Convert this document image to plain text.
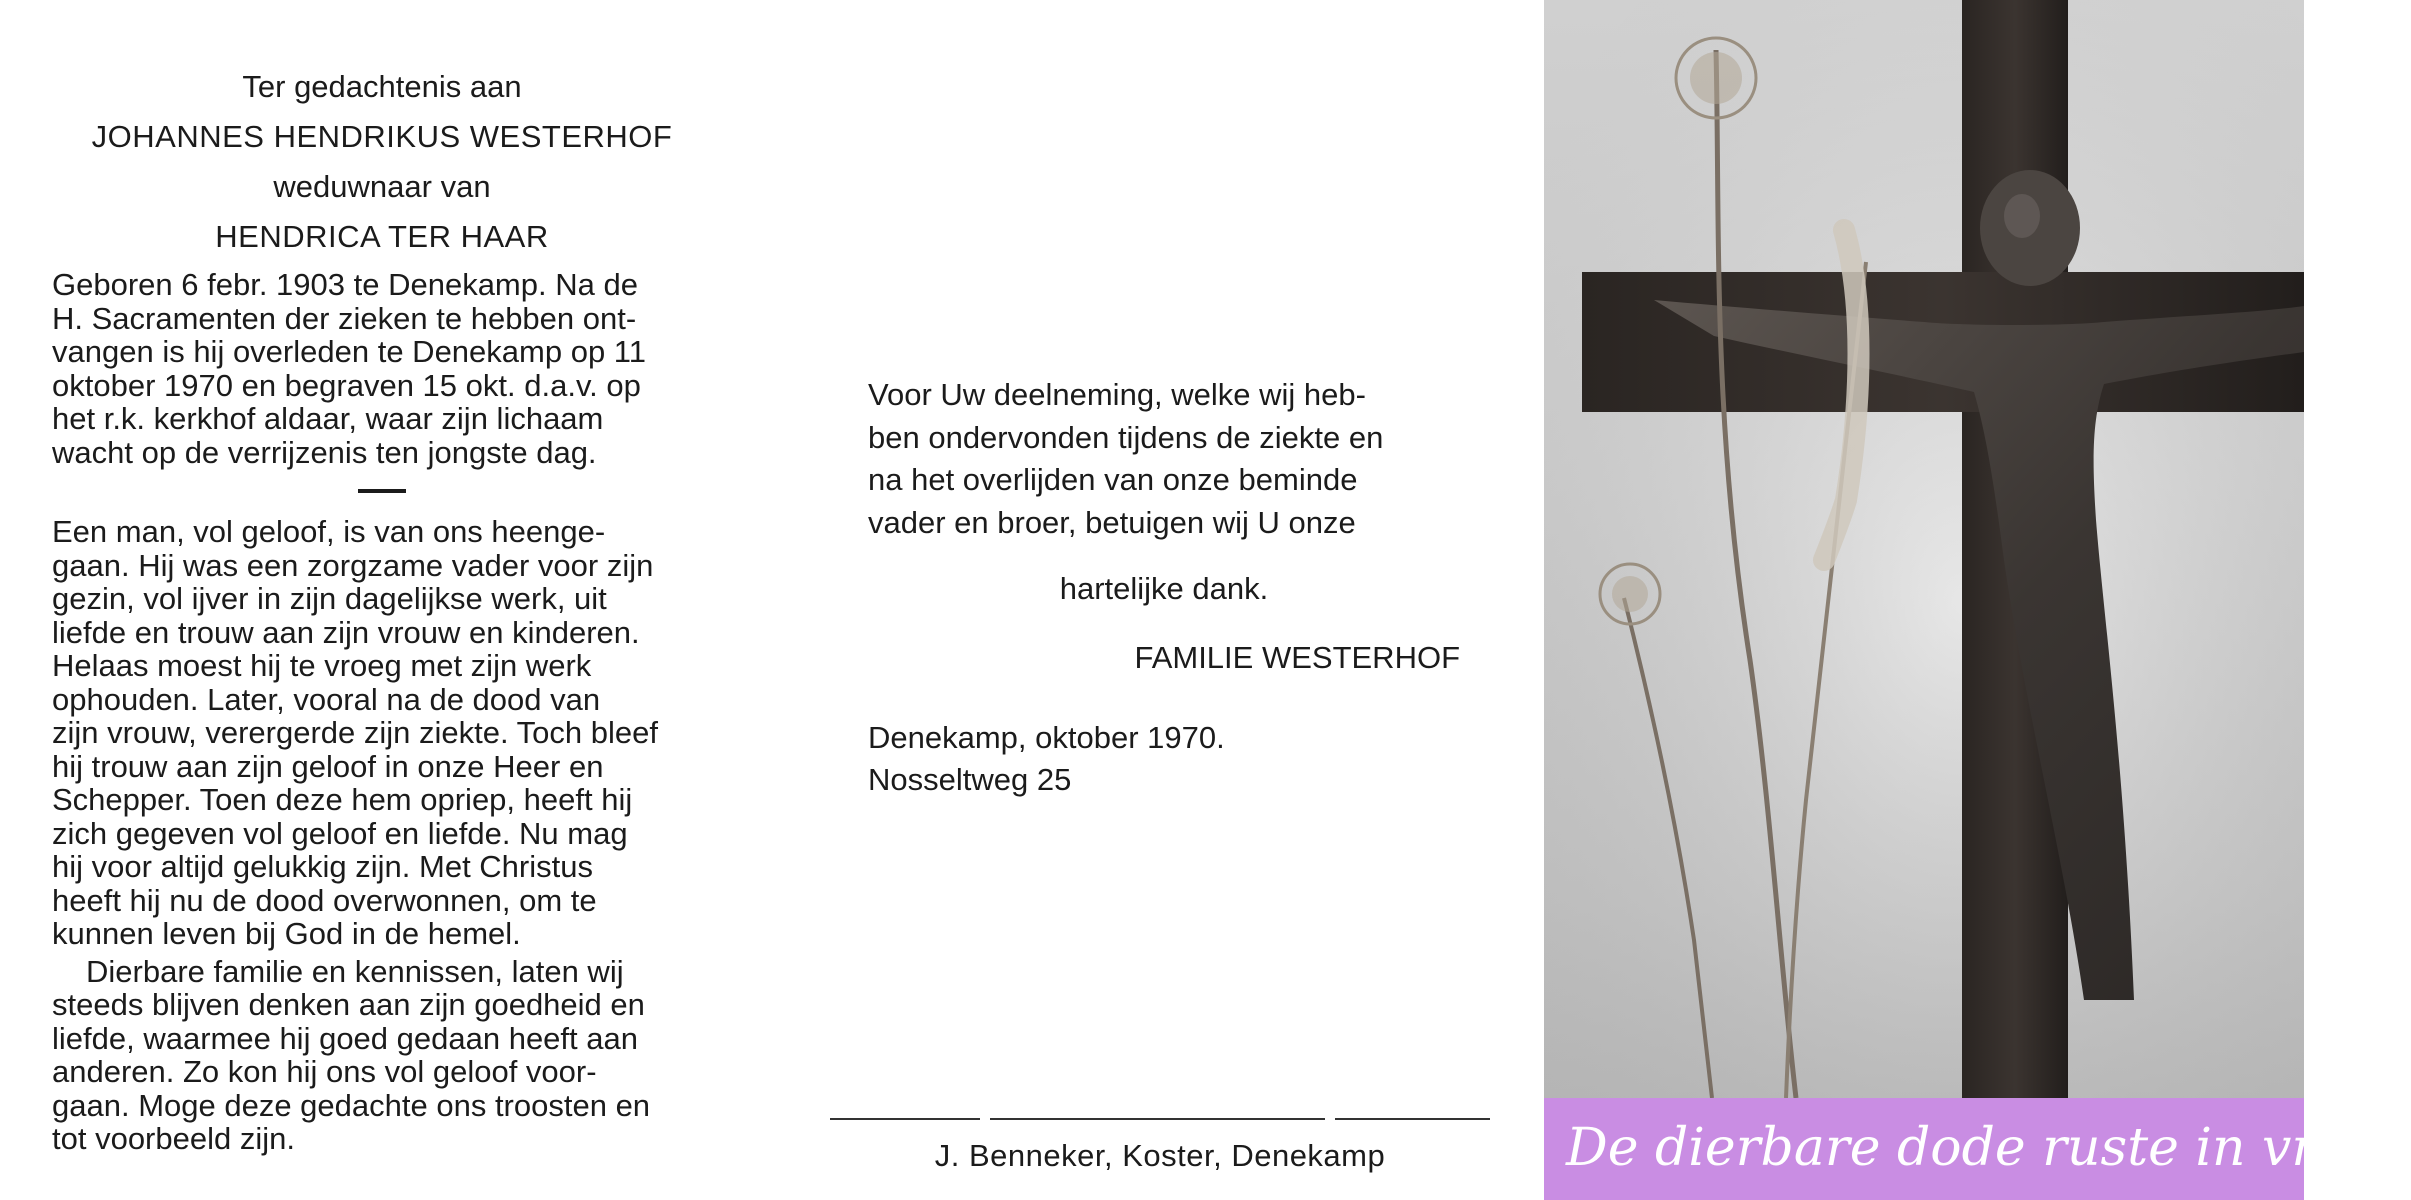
Ter gedachtenis aan

JOHANNES HENDRIKUS WESTERHOF

weduwnaar van

HENDRICA TER HAAR

Geboren 6 febr. 1903 te Denekamp. Na de

H. Sacramenten der zieken te hebben ont-

vangen is hij overleden te Denekamp op 11

oktober 1970 en begraven 15 okt. d.a.v. op

het r.k. kerkhof aldaar, waar zijn lichaam

wacht op de verrijzenis ten jongste dag.

Een man, vol geloof, is van ons heenge-

gaan. Hij was een zorgzame vader voor zijn

gezin, vol ijver in zijn dagelijkse werk, uit

liefde en trouw aan zijn vrouw en kinderen.

Helaas moest hij te vroeg met zijn werk

ophouden. Later, vooral na de dood van

zijn vrouw, verergerde zijn ziekte. Toch bleef

hij trouw aan zijn geloof in onze Heer en

Schepper. Toen deze hem opriep, heeft hij

zich gegeven vol geloof en liefde. Nu mag

hij voor altijd gelukkig zijn. Met Christus

heeft hij nu de dood overwonnen, om te

kunnen leven bij God in de hemel.

Dierbare familie en kennissen, laten wij

steeds blijven denken aan zijn goedheid en

liefde, waarmee hij goed gedaan heeft aan

anderen. Zo kon hij ons vol geloof voor-

gaan. Moge deze gedachte ons troosten en

tot voorbeeld zijn.

Voor Uw deelneming, welke wij heb-

ben ondervonden tijdens de ziekte en

na het overlijden van onze beminde

vader en broer, betuigen wij U onze

hartelijke dank.

FAMILIE WESTERHOF

Denekamp, oktober 1970.

Nosseltweg 25

J. Benneker, Koster, Denekamp	De dierbare dode ruste in vrede
